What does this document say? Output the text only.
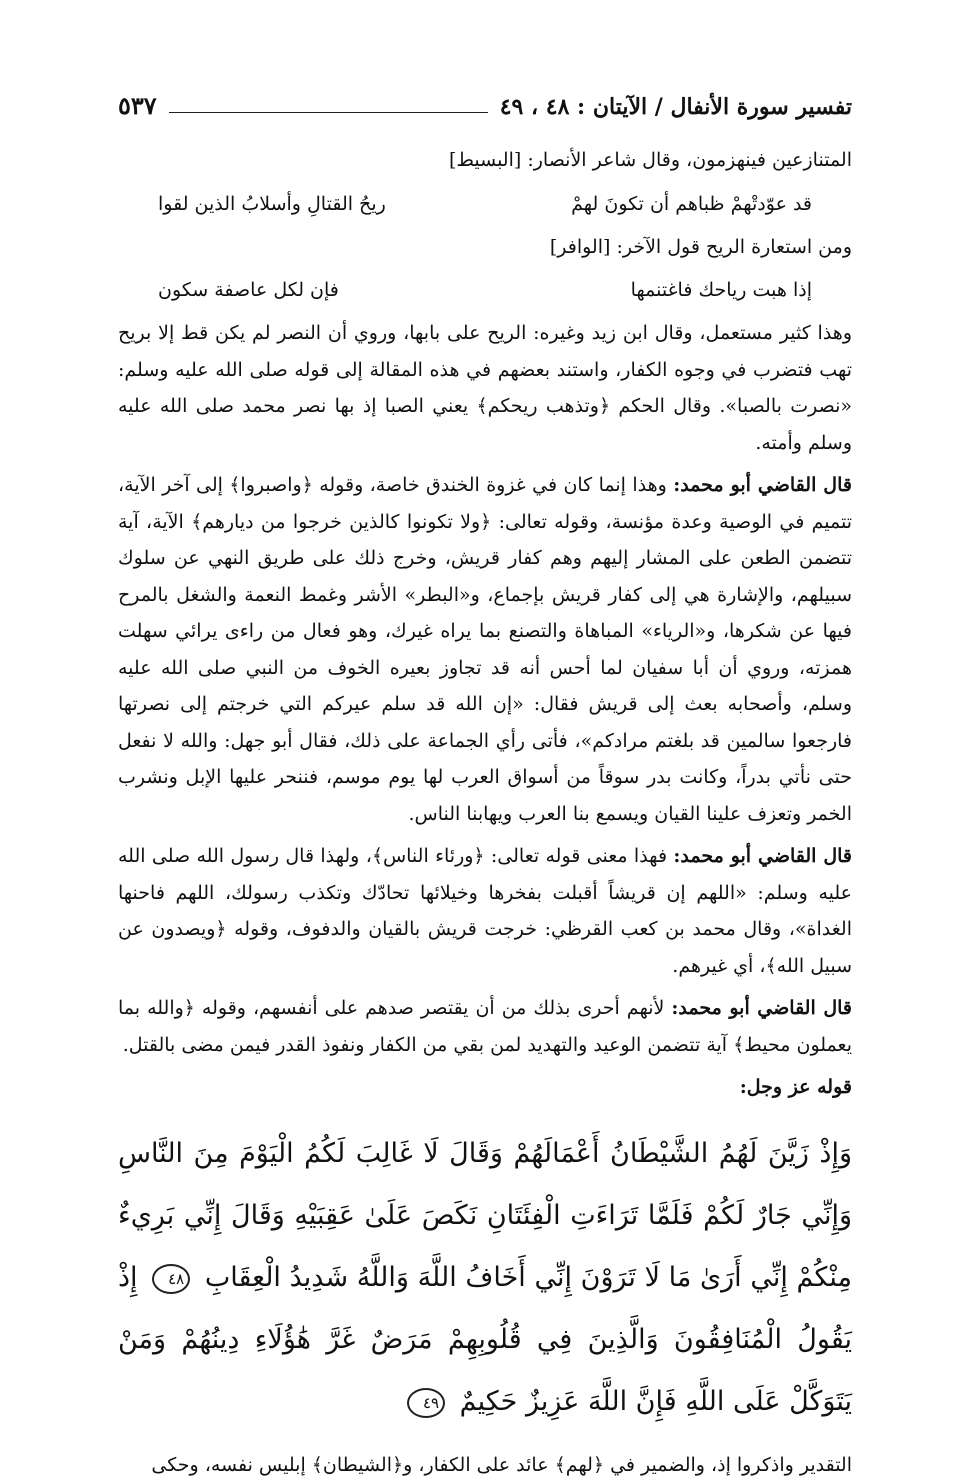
تفسير سورة الأنفال / الآيتان : ٤٨ ، ٤٩
٥٣٧

المتنازعين فينهزمون، وقال شاعر الأنصار: [البسيط]

قد عوّدتْهمْ ظباهم أن تكونَ لهمْ
ريحُ القتالِ وأسلابُ الذين لقوا

ومن استعارة الريح قول الآخر: [الوافر]

إذا هبت رياحك فاغتنمها
فإن لكل عاصفة سكون

وهذا كثير مستعمل، وقال ابن زيد وغيره: الريح على بابها، وروي أن النصر لم يكن قط إلا بريح تهب فتضرب في وجوه الكفار، واستند بعضهم في هذه المقالة إلى قوله صلى الله عليه وسلم: «نصرت بالصبا». وقال الحكم ﴿وتذهب ريحكم﴾ يعني الصبا إذ بها نصر محمد صلى الله عليه وسلم وأمته.

قال القاضي أبو محمد: وهذا إنما كان في غزوة الخندق خاصة، وقوله ﴿واصبروا﴾ إلى آخر الآية، تتميم في الوصية وعدة مؤنسة، وقوله تعالى: ﴿ولا تكونوا كالذين خرجوا من ديارهم﴾ الآية، آية تتضمن الطعن على المشار إليهم وهم كفار قريش، وخرج ذلك على طريق النهي عن سلوك سبيلهم، والإشارة هي إلى كفار قريش بإجماع، و«البطر» الأشر وغمط النعمة والشغل بالمرح فيها عن شكرها، و«الرياء» المباهاة والتصنع بما يراه غيرك، وهو فعال من راءى يرائي سهلت همزته، وروي أن أبا سفيان لما أحس أنه قد تجاوز بعيره الخوف من النبي صلى الله عليه وسلم، وأصحابه بعث إلى قريش فقال: «إن الله قد سلم عيركم التي خرجتم إلى نصرتها فارجعوا سالمين قد بلغتم مرادكم»، فأتى رأي الجماعة على ذلك، فقال أبو جهل: والله لا نفعل حتى نأتي بدراً، وكانت بدر سوقاً من أسواق العرب لها يوم موسم، فننحر عليها الإبل ونشرب الخمر وتعزف علينا القيان ويسمع بنا العرب ويهابنا الناس.

قال القاضي أبو محمد: فهذا معنى قوله تعالى: ﴿ورئاء الناس﴾، ولهذا قال رسول الله صلى الله عليه وسلم: «اللهم إن قريشاً أقبلت بفخرها وخيلائها تحادّك وتكذب رسولك، اللهم فاحنها الغداة»، وقال محمد بن كعب القرظي: خرجت قريش بالقيان والدفوف، وقوله ﴿ويصدون عن سبيل الله﴾، أي غيرهم.

قال القاضي أبو محمد: لأنهم أحرى بذلك من أن يقتصر صدهم على أنفسهم، وقوله ﴿والله بما يعملون محيط﴾ آية تتضمن الوعيد والتهديد لمن بقي من الكفار ونفوذ القدر فيمن مضى بالقتل.

قوله عز وجل:

وَإِذْ زَيَّنَ لَهُمُ الشَّيْطَانُ أَعْمَالَهُمْ وَقَالَ لَا غَالِبَ لَكُمُ الْيَوْمَ مِنَ النَّاسِ وَإِنِّي جَارٌ لَكُمْ فَلَمَّا تَرَاءَتِ الْفِئَتَانِ نَكَصَ عَلَىٰ عَقِبَيْهِ وَقَالَ إِنِّي بَرِيءٌ مِنْكُمْ إِنِّي أَرَىٰ مَا لَا تَرَوْنَ إِنِّي أَخَافُ اللَّهَ وَاللَّهُ شَدِيدُ الْعِقَابِ ٤٨ إِذْ يَقُولُ الْمُنَافِقُونَ وَالَّذِينَ فِي قُلُوبِهِمْ مَرَضٌ غَرَّ هَٰؤُلَاءِ دِينُهُمْ وَمَنْ يَتَوَكَّلْ عَلَى اللَّهِ فَإِنَّ اللَّهَ عَزِيزٌ حَكِيمٌ ٤٩

التقدير واذكروا إذ، والضمير في ﴿لهم﴾ عائد على الكفار، و﴿الشيطان﴾ إبليس نفسه، وحكى
